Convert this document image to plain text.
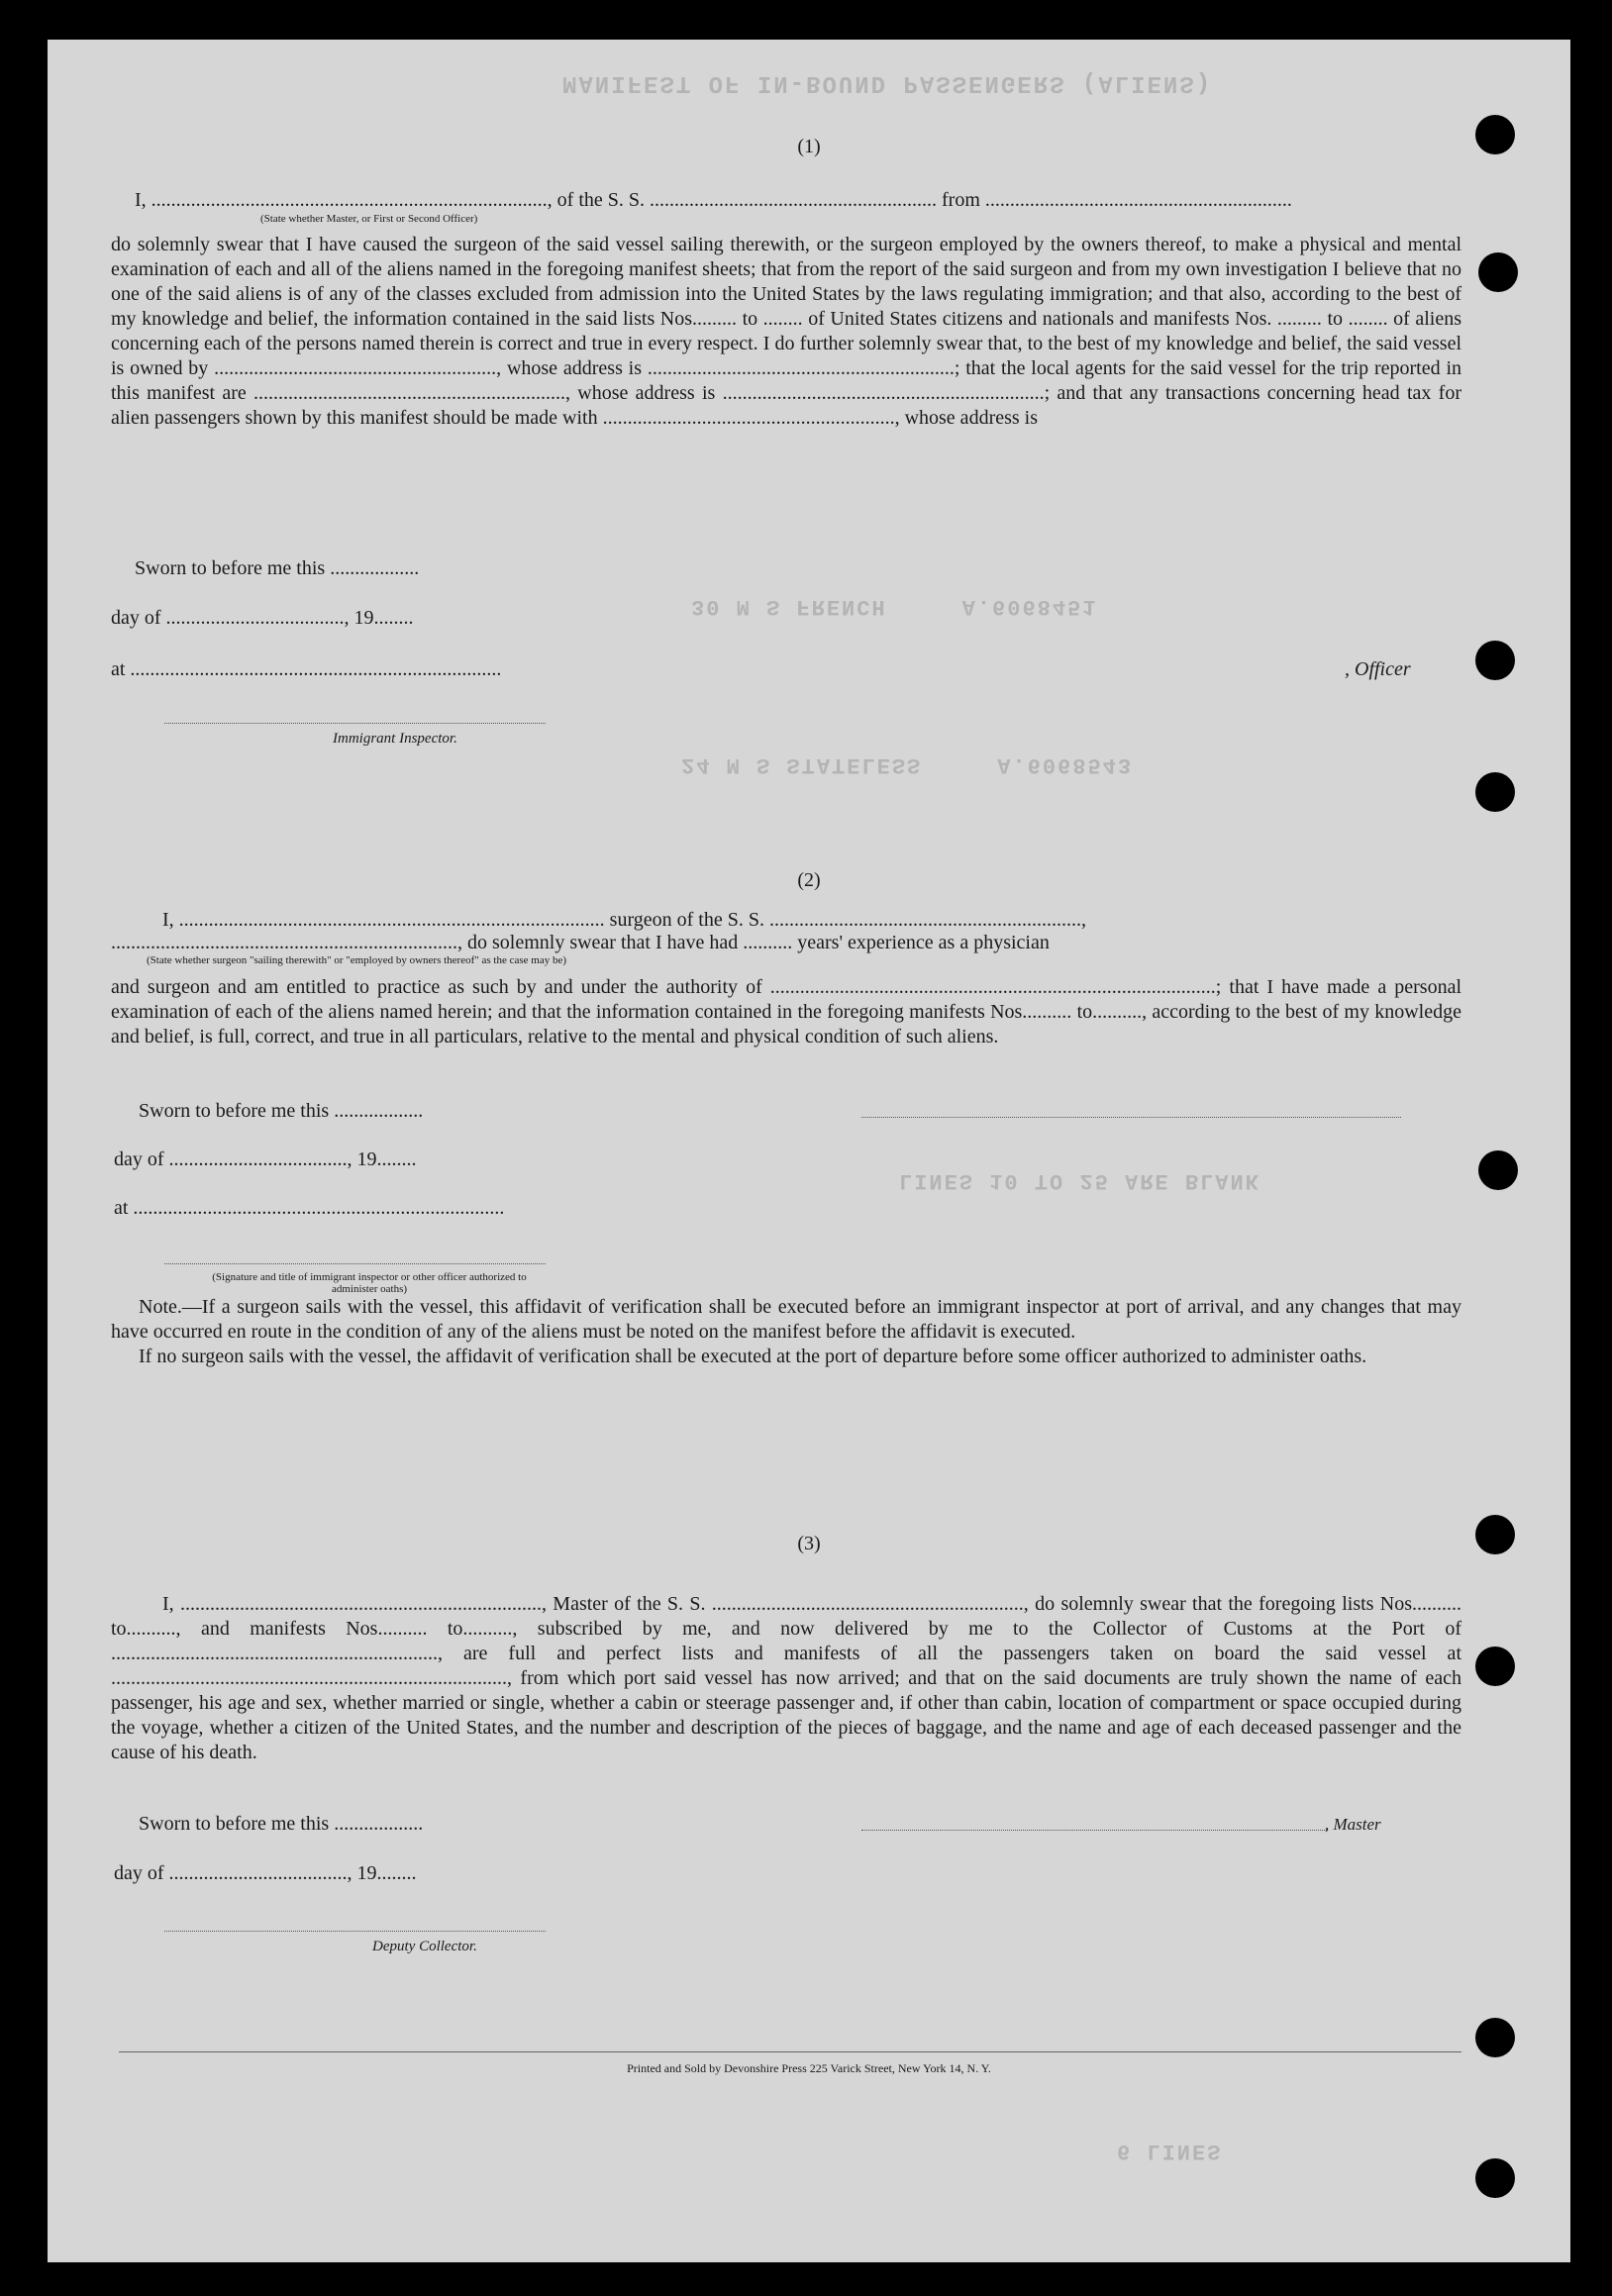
MANIFEST OF IN-BOUND PASSENGERS (ALIENS)
30 M S FRENCH     A.6068451
24 M S STATELESS     A.6068543
LINES 10 TO 25 ARE BLANK
6 LINES
(1)
I, ................................................................................, of the S. S. .......................................................... from ..............................................................
(State whether Master, or First or Second Officer)
do solemnly swear that I have caused the surgeon of the said vessel sailing therewith, or the surgeon employed by the owners thereof, to make a physical and mental examination of each and all of the aliens named in the foregoing manifest sheets; that from the report of the said surgeon and from my own investigation I believe that no one of the said aliens is of any of the classes excluded from admission into the United States by the laws regulating immigration; and that also, according to the best of my knowledge and belief, the information contained in the said lists Nos......... to ........ of United States citizens and nationals and manifests Nos. ......... to ........ of aliens concerning each of the persons named therein is correct and true in every respect. I do further solemnly swear that, to the best of my knowledge and belief, the said vessel is owned by ........................................................., whose address is ..............................................................; that the local agents for the said vessel for the trip reported in this manifest are ..............................................................., whose address is .................................................................; and that any transactions concerning head tax for alien passengers shown by this manifest should be made with ..........................................................., whose address is
Sworn to before me this ..................
day of ...................................., 19........
at ...........................................................................	, Officer
Immigrant Inspector.
(2)
I, ...................................................................................... surgeon of the S. S. ...............................................................,
......................................................................, do solemnly swear that I have had .......... years' experience as a physician
(State whether surgeon "sailing therewith" or "employed by owners thereof" as the case may be)
and surgeon and am entitled to practice as such by and under the authority of ..........................................................................................; that I have made a personal examination of each of the aliens named herein; and that the information contained in the foregoing manifests Nos.......... to.........., according to the best of my knowledge and belief, is full, correct, and true in all particulars, relative to the mental and physical condition of such aliens.
Sworn to before me this ..................
day of ...................................., 19........
at ...........................................................................
(Signature and title of immigrant inspector or other officer authorized to administer oaths)

Note.—If a surgeon sails with the vessel, this affidavit of verification shall be executed before an immigrant inspector at port of arrival, and any changes that may have occurred en route in the condition of any of the aliens must be noted on the manifest before the affidavit is executed.

If no surgeon sails with the vessel, the affidavit of verification shall be executed at the port of departure before some officer authorized to administer oaths.

(3)
I, ........................................................................., Master of the S. S. ..............................................................., do solemnly swear that the foregoing lists Nos.......... to.........., and manifests Nos.......... to.........., subscribed by me, and now delivered by me to the Collector of Customs at the Port of .................................................................., are full and perfect lists and manifests of all the passengers taken on board the said vessel at ................................................................................, from which port said vessel has now arrived; and that on the said documents are truly shown the name of each passenger, his age and sex, whether married or single, whether a cabin or steerage passenger and, if other than cabin, location of compartment or space occupied during the voyage, whether a citizen of the United States, and the number and description of the pieces of baggage, and the name and age of each deceased passenger and the cause of his death.
Sworn to before me this ..................	, Master
day of ...................................., 19........
Deputy Collector.
Printed and Sold by Devonshire Press 225 Varick Street, New York 14, N. Y.
